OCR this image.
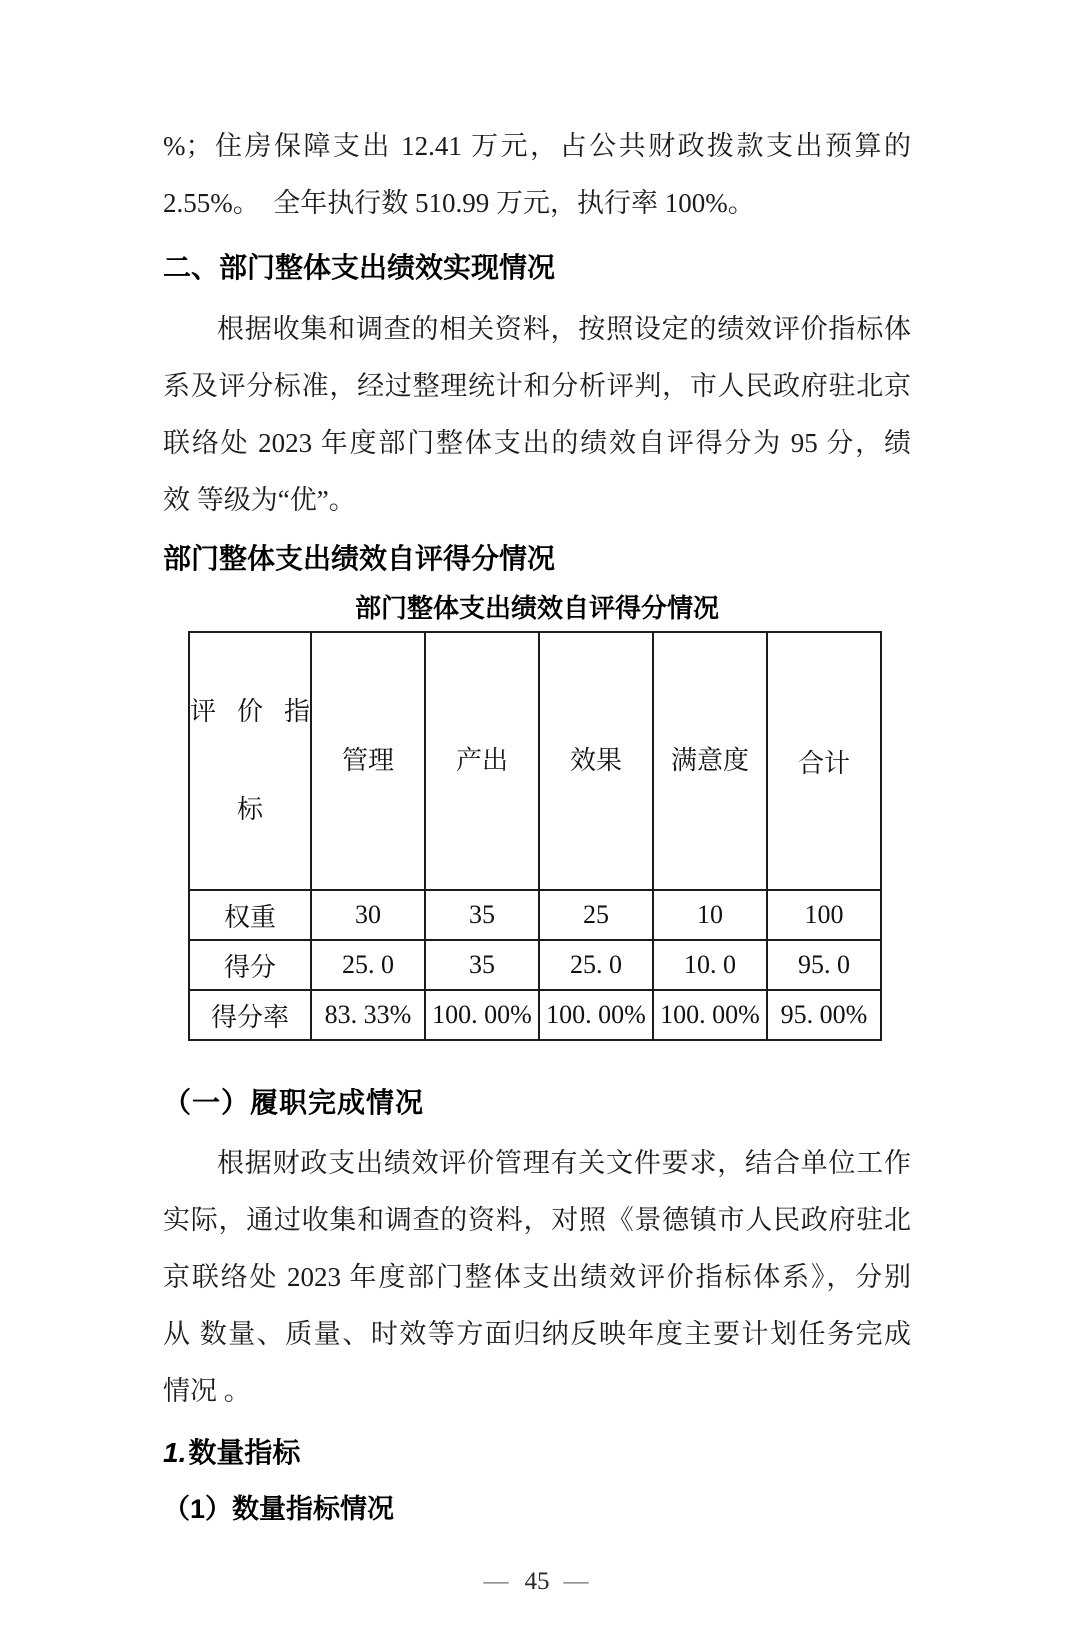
%；住房保障支出 12.41 万元，占公共财政拨款支出预算的

2.55%。　全年执行数 510.99 万元，执行率 100%。

二、部门整体支出绩效实现情况

根据收集和调查的相关资料，按照设定的绩效评价指标体

系及评分标准，经过整理统计和分析评判，市人民政府驻北京

联络处 2023 年度部门整体支出的绩效自评得分为 95 分，绩

效 等级为“优”。

部门整体支出绩效自评得分情况
部门整体支出绩效自评得分情况

评 价 指

标	管理	产出	效果	满意度	合计
权重	30	35	25	10	100
得分	25. 0	35	25. 0	10. 0	95. 0
得分率	83. 33%	100. 00%	100. 00%	100. 00%	95. 00%
（一）履职完成情况

根据财政支出绩效评价管理有关文件要求，结合单位工作

实际，通过收集和调查的资料，对照《景德镇市人民政府驻北

京联络处 2023 年度部门整体支出绩效评价指标体系》，分别

从 数量、质量、时效等方面归纳反映年度主要计划任务完成

情况 。

1.数量指标
（1）数量指标情况
— 45 —
